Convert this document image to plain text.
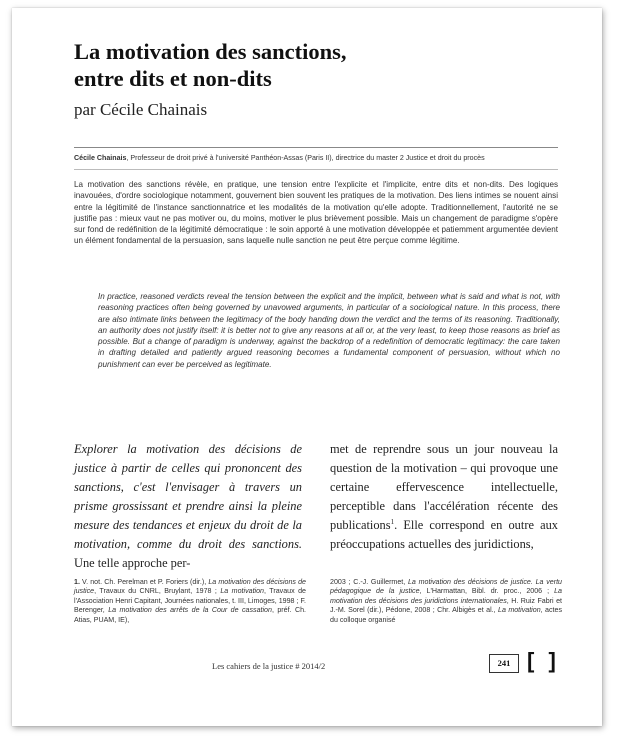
La motivation des sanctions,
entre dits et non-dits
par Cécile Chainais
Cécile Chainais, Professeur de droit privé à l'université Panthéon-Assas (Paris II), directrice du master 2 Justice et droit du procès
La motivation des sanctions révèle, en pratique, une tension entre l'explicite et l'implicite, entre dits et non-dits. Des logiques inavouées, d'ordre sociologique notamment, gouvernent bien souvent les pratiques de la motivation. Des liens intimes se nouent ainsi entre la légitimité de l'instance sanctionnatrice et les modalités de la motivation qu'elle adopte. Traditionnellement, l'autorité ne se justifie pas : mieux vaut ne pas motiver ou, du moins, motiver le plus brièvement possible. Mais un changement de paradigme s'opère sur fond de redéfinition de la légitimité démocratique : le soin apporté à une motivation développée et patiemment argumentée devient un élément fondamental de la persuasion, sans laquelle nulle sanction ne peut être perçue comme légitime.
In practice, reasoned verdicts reveal the tension between the explicit and the implicit, between what is said and what is not, with reasoning practices often being governed by unavowed arguments, in particular of a sociological nature. In this process, there are also intimate links between the legitimacy of the body handing down the verdict and the terms of its reasoning. Traditionally, an authority does not justify itself: it is better not to give any reasons at all or, at the very least, to keep those reasons as brief as possible. But a change of paradigm is underway, against the backdrop of a redefinition of democratic legitimacy: the care taken in drafting detailed and patiently argued reasoning becomes a fundamental component of persuasion, without which no punishment can ever be perceived as legitimate.
Explorer la motivation des décisions de justice à partir de celles qui prononcent des sanctions, c'est l'envisager à travers un prisme grossissant et prendre ainsi la pleine mesure des tendances et enjeux du droit de la motivation, comme du droit des sanctions. Une telle approche per-
met de reprendre sous un jour nouveau la question de la motivation – qui provoque une certaine effervescence intellectuelle, perceptible dans l'accélération récente des publications$^1$. Elle correspond en outre aux préoccupations actuelles des juridictions,
1. V. not. Ch. Perelman et P. Foriers (dir.), La motivation des décisions de justice, Travaux du CNRL, Bruylant, 1978 ; La motivation, Travaux de l'Association Henri Capitant, Journées nationales, t. III, Limoges, 1998 ; F. Berenger, La motivation des arrêts de la Cour de cassation, préf. Ch. Atias, PUAM, IE),
2003 ; C.-J. Guillermet, La motivation des décisions de justice. La vertu pédagogique de la justice, L'Harmattan, Bibl. dr. proc., 2006 ; La motivation des décisions des juridictions internationales, H. Ruiz Fabri et J.-M. Sorel (dir.), Pédone, 2008 ; Chr. Albigès et al., La motivation, actes du colloque organisé
Les cahiers de la justice # 2014/2	241 [ ]
